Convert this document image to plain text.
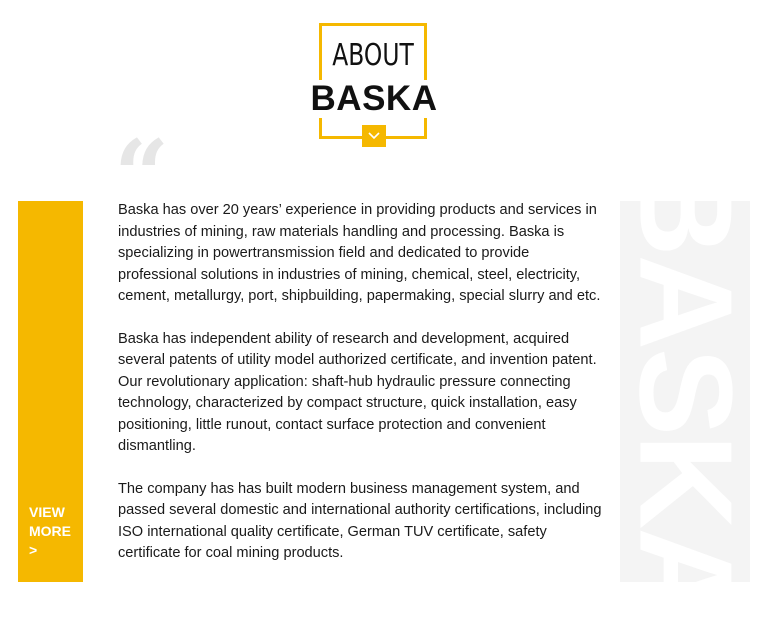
ABOUT
BASKA
“
VIEW
MORE
>

Baska has over 20 years’ experience in providing products and services in industries of mining, raw materials handling and processing. Baska is specializing in powertransmission field and dedicated to provide professional solutions in industries of mining, chemical, steel, electricity, cement, metallurgy, port, shipbuilding, papermaking, special slurry and etc.

Baska has independent ability of research and development, acquired several patents of utility model authorized certificate, and invention patent. Our revolutionary application: shaft-hub hydraulic pressure connecting technology, characterized by compact structure, quick installation, easy positioning, little runout, contact surface protection and convenient dismantling.

The company has has built modern business management system, and passed several domestic and international authority certifications, including ISO international quality certificate, German TUV certificate, safety certificate for coal mining products.	BASKA
